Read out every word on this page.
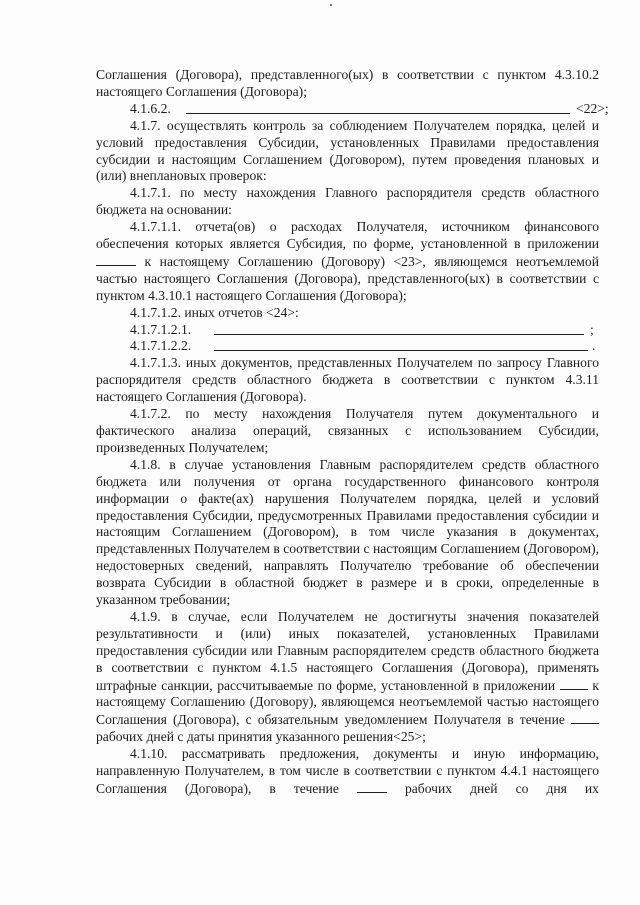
Соглашения (Договора), представленного(ых) в соответствии с пунктом 4.3.10.2 настоящего Соглашения (Договора);

4.1.6.2.	<22>;

4.1.7. осуществлять контроль за соблюдением Получателем порядка, целей и условий предоставления Субсидии, установленных Правилами предоставления субсидии и настоящим Соглашением (Договором), путем проведения плановых и (или) внеплановых проверок:

4.1.7.1. по месту нахождения Главного распорядителя средств областного бюджета на основании:

4.1.7.1.1. отчета(ов) о расходах Получателя, источником финансового обеспечения которых является Субсидия, по форме, установленной в приложении  к настоящему Соглашению (Договору) <23>, являющемся неотъемлемой частью настоящего Соглашения (Договора), представленного(ых) в соответствии с пунктом 4.3.10.1 настоящего Соглашения (Договора);

4.1.7.1.2. иных отчетов <24>:

4.1.7.1.2.1.	;
4.1.7.1.2.2.	.

4.1.7.1.3. иных документов, представленных Получателем по запросу Главного распорядителя средств областного бюджета в соответствии с пунктом 4.3.11 настоящего Соглашения (Договора).

4.1.7.2. по месту нахождения Получателя путем документального и фактического анализа операций, связанных с использованием Субсидии, произведенных Получателем;

4.1.8. в случае установления Главным распорядителем средств областного бюджета или получения от органа государственного финансового контроля информации о факте(ах) нарушения Получателем порядка, целей и условий предоставления Субсидии, предусмотренных Правилами предоставления субсидии и настоящим Соглашением (Договором), в том числе указания в документах, представленных Получателем в соответствии с настоящим Соглашением (Договором), недостоверных сведений, направлять Получателю требование об обеспечении возврата Субсидии в областной бюджет в размере и в сроки, определенные в указанном требовании;

4.1.9. в случае, если Получателем не достигнуты значения показателей результативности и (или) иных показателей, установленных Правилами предоставления субсидии или Главным распорядителем средств областного бюджета в соответствии с пунктом 4.1.5 настоящего Соглашения (Договора), применять штрафные санкции, рассчитываемые по форме, установленной в приложении	к настоящему Соглашению (Договору), являющемся неотъемлемой частью настоящего Соглашения (Договора), с обязательным уведомлением Получателя в течение  рабочих дней с даты принятия указанного решения<25>;

4.1.10. рассматривать предложения, документы и иную информацию, направленную Получателем, в том числе в соответствии с пунктом 4.4.1 настоящего Соглашения (Договора), в течение	рабочих дней со дня их
